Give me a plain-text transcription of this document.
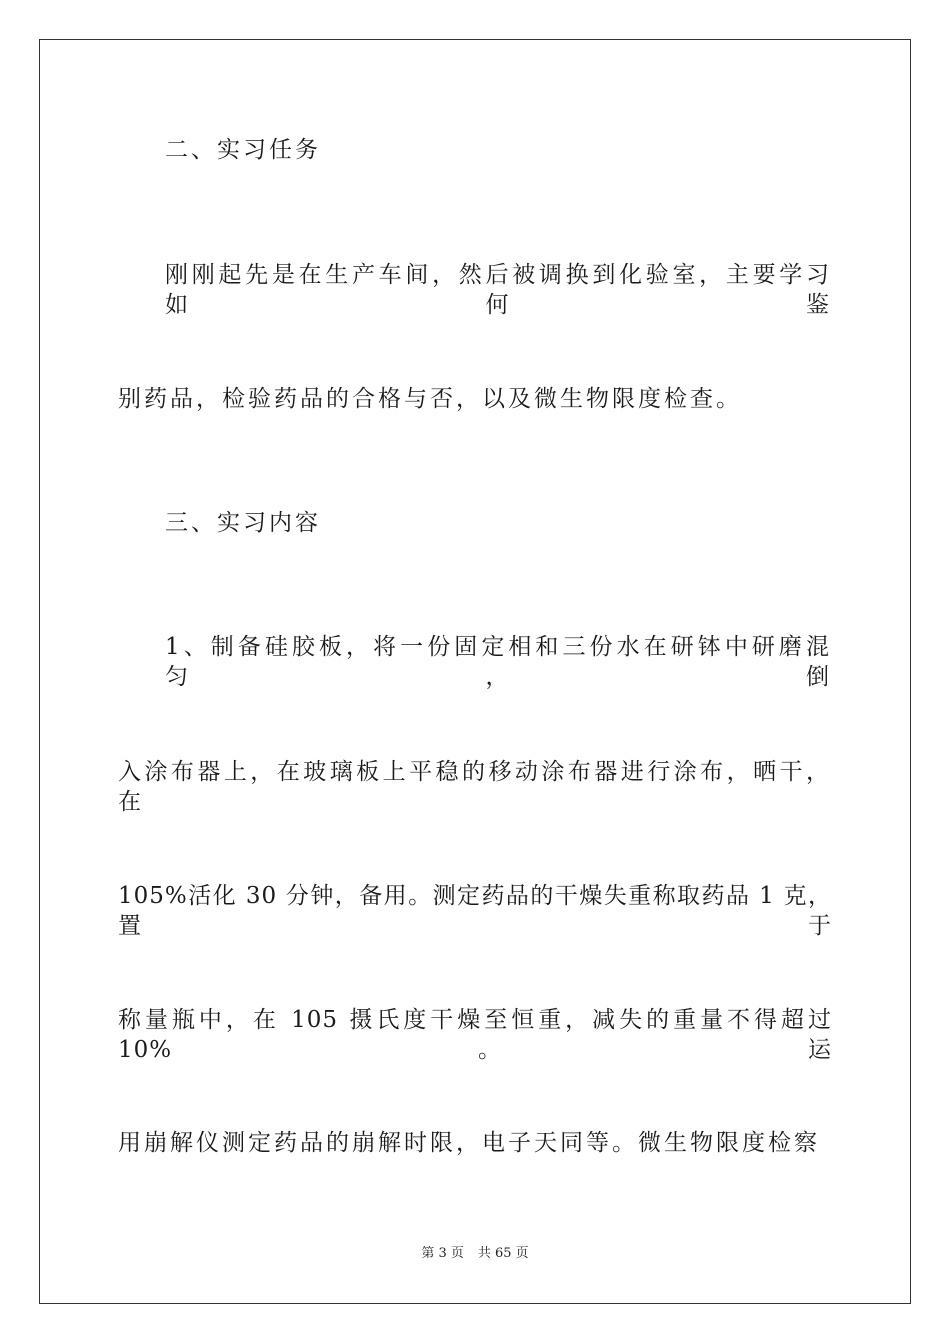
二、实习任务
刚刚起先是在生产车间，然后被调换到化验室，主要学习如何鉴
别药品，检验药品的合格与否，以及微生物限度检查。
三、实习内容
1、制备硅胶板，将一份固定相和三份水在研钵中研磨混匀，倒
入涂布器上，在玻璃板上平稳的移动涂布器进行涂布，晒干，在
105%活化 30 分钟，备用。测定药品的干燥失重称取药品 1 克，置于
称量瓶中，在 105 摄氏度干燥至恒重，减失的重量不得超过 10%。运
用崩解仪测定药品的崩解时限，电子天同等。微生物限度检察
第 3 页 共 65 页
